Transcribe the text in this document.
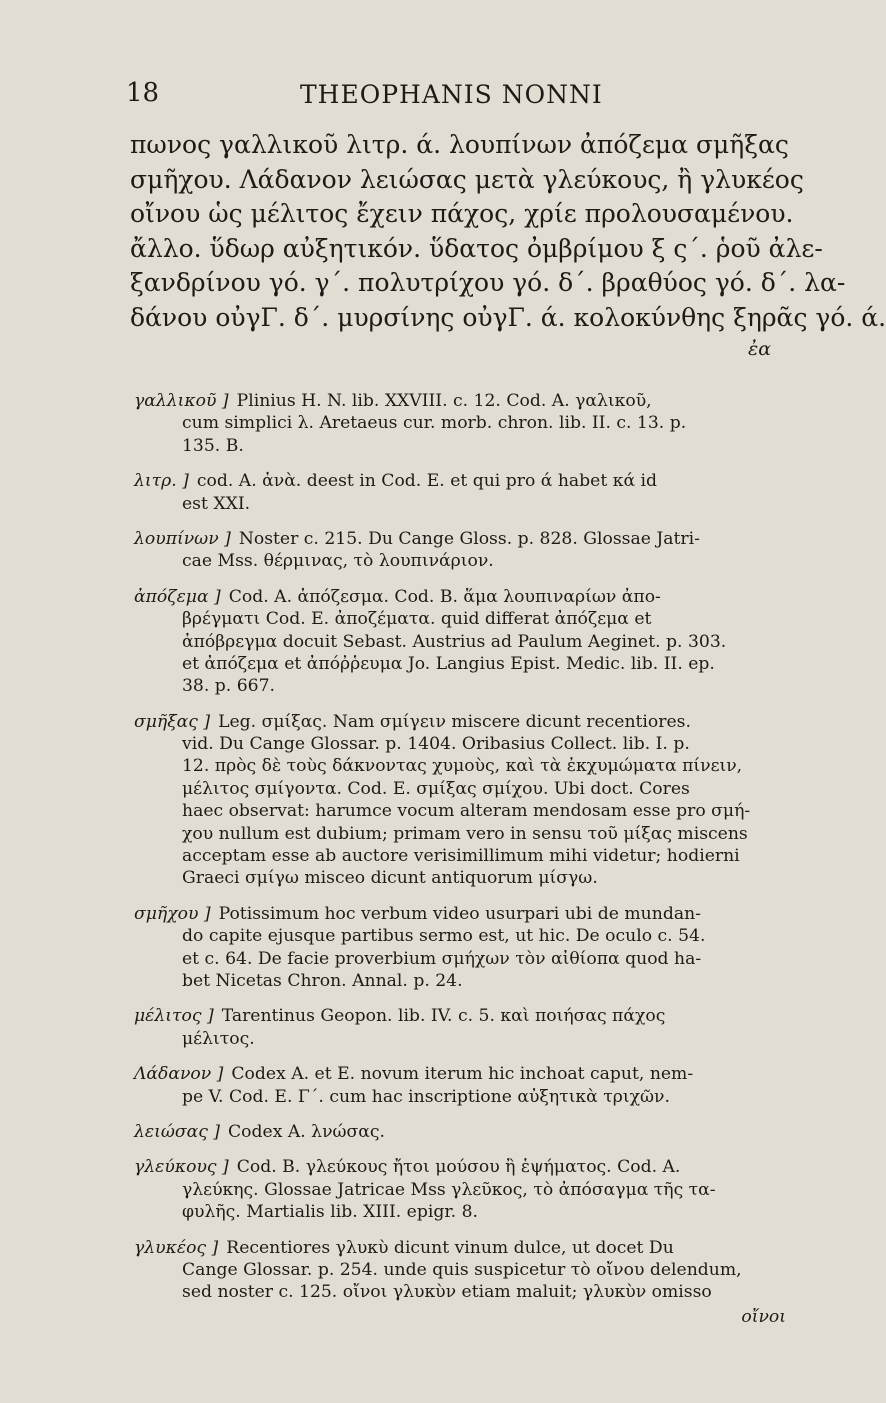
18	THEOPHANIS NONNI
πωνος γαλλικοῦ λιτρ. ά. λουπίνων ἀπόζεμα σμῆξας
σμῆχου. Λάδανον λειώσας μετὰ γλεύκους, ἢ γλυκέος
οἴνου ὡς μέλιτος ἔχειν πάχος, χρίε προλουσαμένου.
ἄλλο. ὕδωρ αὐξητικόν. ὕδατος ὀμβρίμου ξ ς΄. ῥοῦ ἀλε-
ξανδρίνου γό. γ΄. πολυτρίχου γό. δ΄. βραθύος γό. δ΄. λα-
δάνου οὐγΓ. δ΄. μυρσίνης οὐγΓ. ά. κολοκύνθης ξηρᾶς γό. ά.
ἐα
γαλλικοῦ ] Plinius H. N. lib. XXVIII. c. 12. Cod. A. γαλικοῦ,
cum simplici λ. Aretaeus cur. morb. chron. lib. II. c. 13. p.
135. B.
λιτρ. ] cod. A. ἀνὰ. deest in Cod. E. et qui pro ά habet κά id
est XXI.
λουπίνων ] Noster c. 215. Du Cange Gloss. p. 828. Glossae Jatri-
cae Mss. θέρμινας, τὸ λουπινάριον.
ἀπόζεμα ] Cod. A. ἀπόζεσμα. Cod. B. ἅμα λουπιναρίων ἀπο-
βρέγματι Cod. E. ἀποζέματα. quid differat ἀπόζεμα et
ἀπόβρεγμα docuit Sebast. Austrius ad Paulum Aeginet. p. 303.
et ἀπόζεμα et ἀπόῤῥευμα Jo. Langius Epist. Medic. lib. II. ep.
38. p. 667.
σμῆξας ] Leg. σμίξας. Nam σμίγειν miscere dicunt recentiores.
vid. Du Cange Glossar. p. 1404. Oribasius Collect. lib. I. p.
12. πρὸς δὲ τοὺς δάκνοντας χυμοὺς, καὶ τὰ ἐκχυμώματα πίνειν,
μέλιτος σμίγοντα. Cod. E. σμίξας σμίχου. Ubi doct. Cores
haec observat: harumce vocum alteram mendosam esse pro σμή-
χου nullum est dubium; primam vero in sensu τοῦ μίξας miscens
acceptam esse ab auctore verisimillimum mihi videtur; hodierni
Graeci σμίγω misceo dicunt antiquorum μίσγω.
σμῆχου ] Potissimum hoc verbum video usurpari ubi de mundan-
do capite ejusque partibus sermo est, ut hic. De oculo c. 54.
et c. 64. De facie proverbium σμήχων τὸν αἰθίοπα quod ha-
bet Nicetas Chron. Annal. p. 24.
μέλιτος ] Tarentinus Geopon. lib. IV. c. 5. καὶ ποιήσας πάχος
μέλιτος.
Λάδανον ] Codex A. et E. novum iterum hic inchoat caput, nem-
pe V. Cod. E. Γ΄. cum hac inscriptione αὐξητικὰ τριχῶν.
λειώσας ] Codex A. λνώσας.
γλεύκους ] Cod. B. γλεύκους ἤτοι μούσου ἢ ἑψήματος. Cod. A.
γλεύκης. Glossae Jatricae Mss γλεῦκος, τὸ ἀπόσαγμα τῆς τα-
φυλῆς. Martialis lib. XIII. epigr. 8.
γλυκέος ] Recentiores γλυκὺ dicunt vinum dulce, ut docet Du
Cange Glossar. p. 254. unde quis suspicetur τὸ οἴνου delendum,
sed noster c. 125. οἴνοι γλυκὺν etiam maluit; γλυκὺν omisso
οἴνοι
